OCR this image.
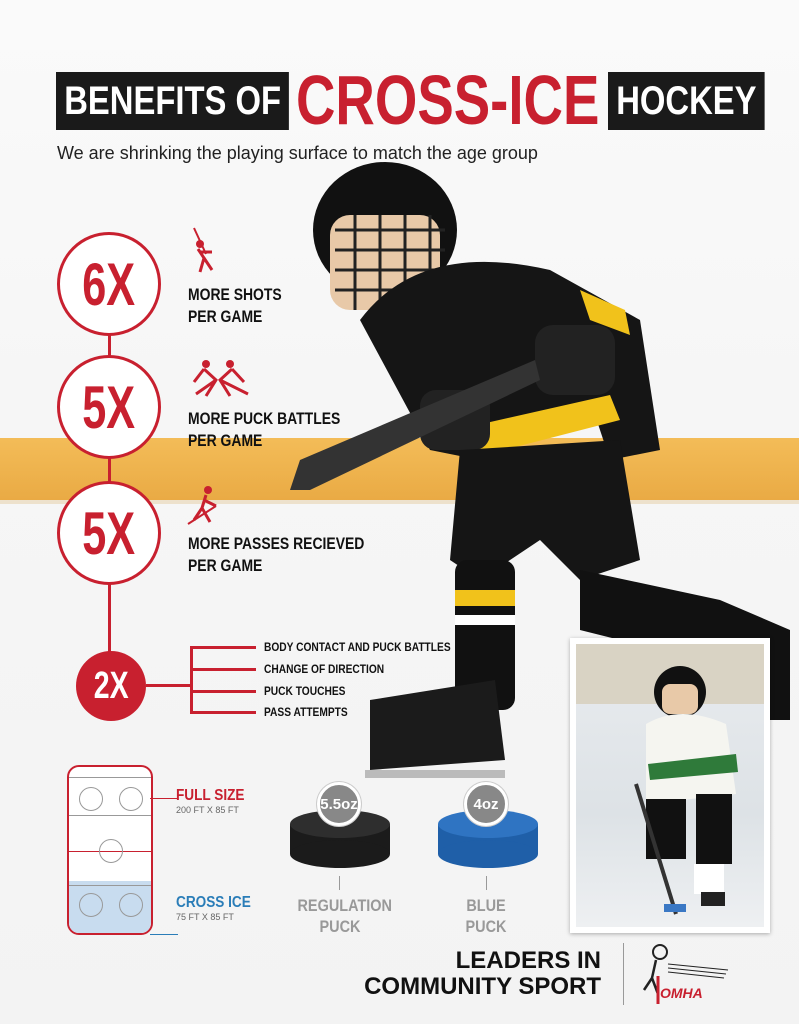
BENEFITS OF CROSS-ICE HOCKEY
We are shrinking the playing surface to match the age group
6X	MORE SHOTS
PER GAME
5X	MORE PUCK BATTLES
PER GAME
5X	MORE PASSES RECIEVED
PER GAME
2X
BODY CONTACT AND PUCK BATTLES
CHANGE OF DIRECTION
PUCK TOUCHES
PASS ATTEMPTS
FULL SIZE
200 FT X 85 FT
CROSS ICE
75 FT X 85 FT
5.5oz	4oz
REGULATION
PUCK
BLUE
PUCK
LEADERS IN
COMMUNITY SPORT	OMHA
